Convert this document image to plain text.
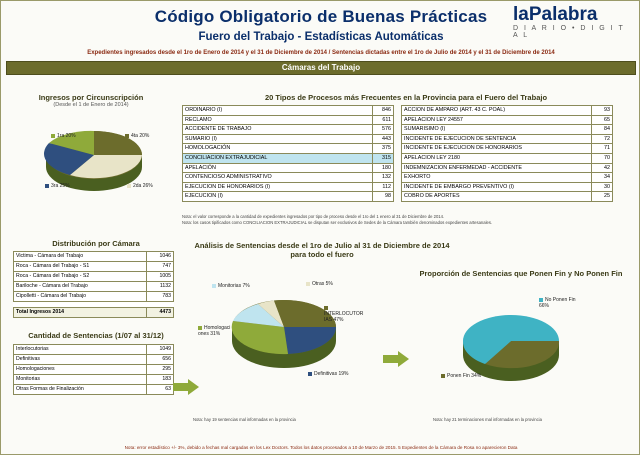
Código Obligatorio de Buenas Prácticas
Fuero del Trabajo - Estadísticas Automáticas
Expedientes ingresados desde el 1ro de Enero de 2014 y el 31 de Diciembre de 2014 / Sentencias dictadas entre el 1ro de Julio de 2014 y el 31 de Diciembre de 2014
laPalabra
D I A R I O • D I G I T A L
Cámaras del Trabajo
Ingresos por Circunscripción
(Desde el 1 de Enero de 2014)
20 Tipos de Procesos más Frecuentes en la Provincia para el Fuero del Trabajo
ORDINARIO (I)	846
RECLAMO	611
ACCIDENTE DE TRABAJO	576
SUMARIO (I)	443
HOMOLOGACIÓN	375
CONCILIACION EXTRAJUDICIAL	315
APELACIÓN	180
CONTENCIOSO ADMINISTRATIVO	132
EJECUCION DE HONORARIOS (I)	112
EJECUCION (I)	98
ACCION DE AMPARO (ART. 43 C. POAL)	93
APELACION LEY 24557	65
SUMARISIMO (I)	84
INCIDENTE DE EJECUCION DE SENTENCIA	72
INCIDENTE DE EJECUCION DE HONORARIOS	71
APELACION LEY 2180	70
INDEMNIZACION ENFERMEDAD - ACCIDENTE	42
EXHORTO	34
INCIDENTE DE EMBARGO PREVENTIVO (I)	30
COBRO DE APORTES	25
Nota: el valor corresponde a la cantidad de expedientes ingresados por tipo de proceso desde el 1ro del 1 enero al 31 de Diciembre de 2014.
Nota: los casos tipificados como CONCILIACION EXTRAJUDICIAL se disputan ser exclusivos de Sedes de la Cámara también denominados expedientes artesanales.
1ra 20%	4ta 20%
3ra 25%	2da 26%
Distribución por Cámara
Victima - Cámara del Trabajo	1046
Roca - Cámara del Trabajo - S1	747
Roca - Cámara del Trabajo - S2	1005
Bariloche - Cámara del Trabajo	1132
Cipolletti - Cámara del Trabajo	783

Total Ingresos 2014	4473
Cantidad de Sentencias (1/07 al 31/12)
Interlocutorias	1049
Definitivas	656
Homologaciones	295
Monitorias	183
Otras Formas de Finalización	63
Análisis de Sentencias desde el 1ro de Julio al 31 de Diciembre de 2014 para todo el fuero
Monitorias 7%	Otras 5%
INTERLOCUTOR IAS 47%
Homologaci ones 31%
Definitivas 19%
Nota: hay 19 sentencias mal informadas en la provincia
Proporción de Sentencias que Ponen Fin y No Ponen Fin
No Ponen Fin 66%
Ponen Fin 34%
Nota: hay 21 terminaciones mal informadas en la provincia
Nota: error estadístico +/- 3%, debido a fechas mal cargadas en los Lex Doctors. Todos los datos procesados a 10 de Marzo de 2015. 5 Expedientes de la Cámara de Rosa no aparecieron Data
